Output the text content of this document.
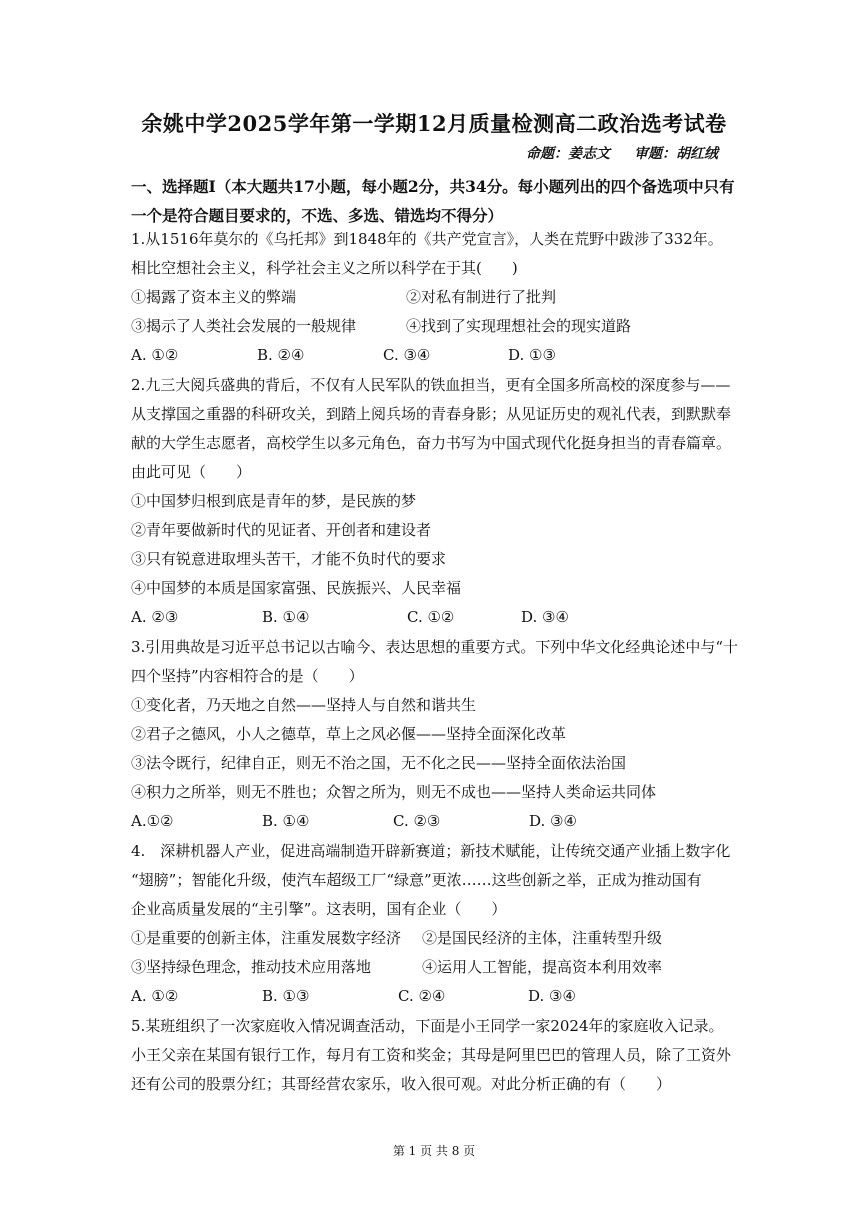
余姚中学2025学年第一学期12月质量检测高二政治选考试卷
命题：姜志文 审题：胡红绒
一、选择题Ⅰ（本大题共17小题，每小题2分，共34分。每小题列出的四个备选项中只有一个是符合题目要求的，不选、多选、错选均不得分）
1.从1516年莫尔的《乌托邦》到1848年的《共产党宣言》，人类在荒野中跋涉了332年。
相比空想社会主义，科学社会主义之所以科学在于其(　　)
①揭露了资本主义的弊端	②对私有制进行了批判
③揭示了人类社会发展的一般规律	④找到了实现理想社会的现实道路
A. ①②	B. ②④	C. ③④	D. ①③
2.九三大阅兵盛典的背后，不仅有人民军队的铁血担当，更有全国多所高校的深度参与——
从支撑国之重器的科研攻关，到踏上阅兵场的青春身影；从见证历史的观礼代表，到默默奉
献的大学生志愿者，高校学生以多元角色，奋力书写为中国式现代化挺身担当的青春篇章。
由此可见（　　）
①中国梦归根到底是青年的梦，是民族的梦
②青年要做新时代的见证者、开创者和建设者
③只有锐意进取埋头苦干，才能不负时代的要求
④中国梦的本质是国家富强、民族振兴、人民幸福
A. ②③	B. ①④	C. ①②	D. ③④
3.引用典故是习近平总书记以古喻今、表达思想的重要方式。下列中华文化经典论述中与“十
四个坚持”内容相符合的是（　　）
①变化者，乃天地之自然——坚持人与自然和谐共生
②君子之德风，小人之德草，草上之风必偃——坚持全面深化改革
③法令既行，纪律自正，则无不治之国，无不化之民——坚持全面依法治国
④积力之所举，则无不胜也；众智之所为，则无不成也——坚持人类命运共同体
A.①②	B. ①④	C. ②③	D. ③④
4.　深耕机器人产业，促进高端制造开辟新赛道；新技术赋能，让传统交通产业插上数字化
“翅膀”；智能化升级，使汽车超级工厂“绿意”更浓……这些创新之举，正成为推动国有
企业高质量发展的“主引擎”。这表明，国有企业（　　）
①是重要的创新主体，注重发展数字经济 ②是国民经济的主体，注重转型升级
③坚持绿色理念，推动技术应用落地	④运用人工智能，提高资本利用效率
A. ①②	B. ①③	C. ②④	D. ③④
5.某班组织了一次家庭收入情况调查活动，下面是小王同学一家2024年的家庭收入记录。
小王父亲在某国有银行工作，每月有工资和奖金；其母是阿里巴巴的管理人员，除了工资外
还有公司的股票分红；其哥经营农家乐，收入很可观。对此分析正确的有（　　）
第 1 页 共 8 页
